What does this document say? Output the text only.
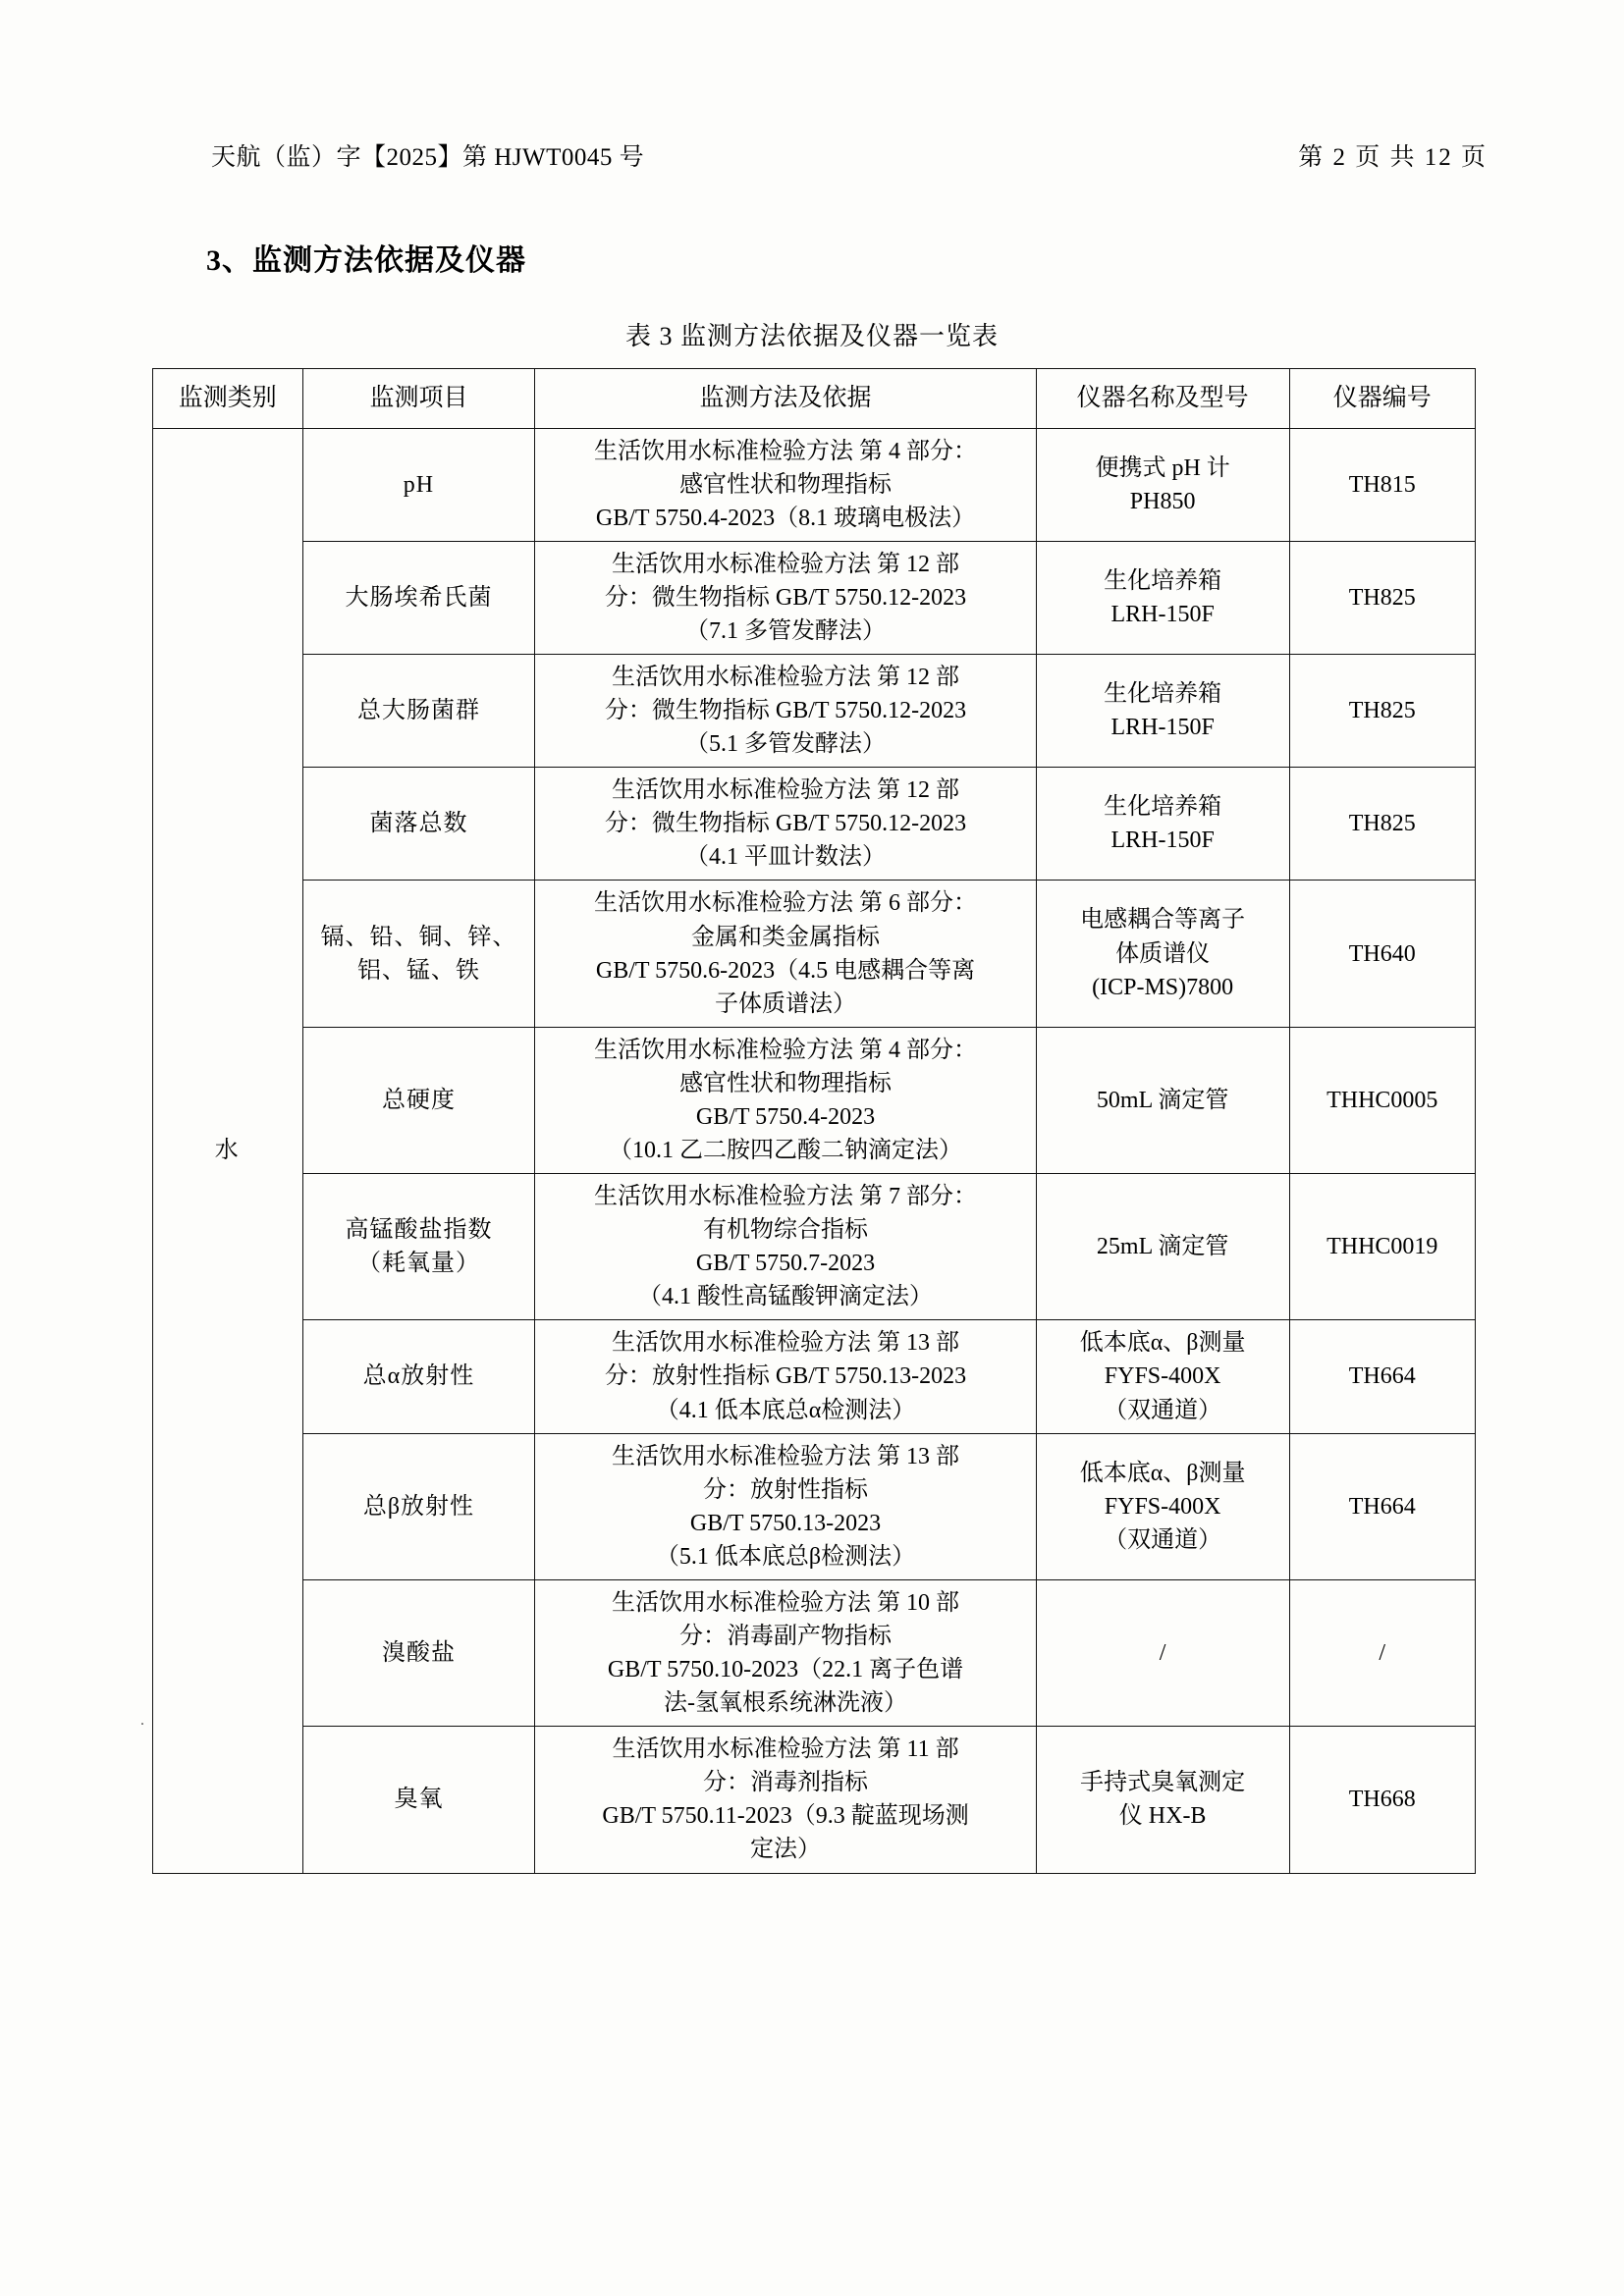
天航（监）字【2025】第 HJWT0045 号	第 2 页 共 12 页
3、监测方法依据及仪器
表 3 监测方法依据及仪器一览表
监测类别	监测项目	监测方法及依据	仪器名称及型号	仪器编号
水	pH	生活饮用水标准检验方法 第 4 部分：
感官性状和物理指标
GB/T 5750.4-2023（8.1 玻璃电极法）	便携式 pH 计
PH850	TH815
	大肠埃希氏菌	生活饮用水标准检验方法 第 12 部
分：微生物指标 GB/T 5750.12-2023
（7.1 多管发酵法）	生化培养箱
LRH-150F	TH825
	总大肠菌群	生活饮用水标准检验方法 第 12 部
分：微生物指标 GB/T 5750.12-2023
（5.1 多管发酵法）	生化培养箱
LRH-150F	TH825
	菌落总数	生活饮用水标准检验方法 第 12 部
分：微生物指标 GB/T 5750.12-2023
（4.1 平皿计数法）	生化培养箱
LRH-150F	TH825
	镉、铅、铜、锌、
铝、锰、铁	生活饮用水标准检验方法 第 6 部分：
金属和类金属指标
GB/T 5750.6-2023（4.5 电感耦合等离
子体质谱法）	电感耦合等离子
体质谱仪
(ICP-MS)7800	TH640
	总硬度	生活饮用水标准检验方法 第 4 部分：
感官性状和物理指标
GB/T 5750.4-2023
（10.1 乙二胺四乙酸二钠滴定法）	50mL 滴定管	THHC0005
	高锰酸盐指数
（耗氧量）	生活饮用水标准检验方法 第 7 部分：
有机物综合指标
GB/T 5750.7-2023
（4.1 酸性高锰酸钾滴定法）	25mL 滴定管	THHC0019
	总α放射性	生活饮用水标准检验方法 第 13 部
分：放射性指标 GB/T 5750.13-2023
（4.1 低本底总α检测法）	低本底α、β测量
FYFS-400X
（双通道）	TH664
	总β放射性	生活饮用水标准检验方法 第 13 部
分：放射性指标
GB/T 5750.13-2023
（5.1 低本底总β检测法）	低本底α、β测量
FYFS-400X
（双通道）	TH664
	溴酸盐	生活饮用水标准检验方法 第 10 部
分：消毒副产物指标
GB/T 5750.10-2023（22.1 离子色谱
法-氢氧根系统淋洗液）	/	/
	臭氧	生活饮用水标准检验方法 第 11 部
分：消毒剂指标
GB/T 5750.11-2023（9.3 靛蓝现场测
定法）	手持式臭氧测定
仪 HX-B	TH668
.
